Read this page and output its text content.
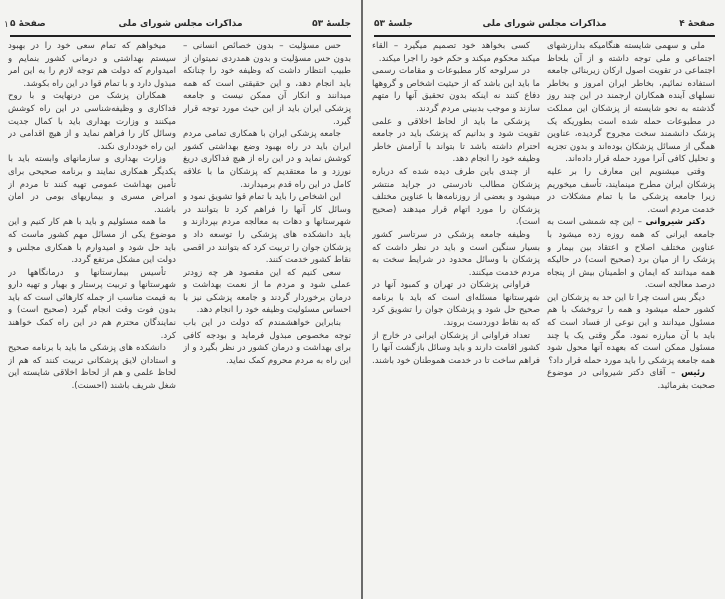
۱	جلسهٔ ۵۳
مذاکرات مجلس شورای ملی
صفحهٔ ۵

حس مسؤلیت – بدون خصائص انسانی – بدون حس مسؤلیت و بدون همدردی نمیتوان از طبیب انتظار داشت که وظیفه خود را چنانکه باید انجام دهد، و این حقیقتی است که همه میدانند و انکار آن ممکن نیست و جامعه پزشکی ایران باید از این حیث مورد توجه قرار گیرد.

جامعه پزشکی ایران با همکاری تمامی مردم ایران باید در راه بهبود وضع بهداشتی کشور کوشش نماید و در این راه از هیچ فداکاری دریغ نورزد و ما معتقدیم که پزشکان ما با علاقه کامل در این راه قدم برمیدارند.

این اشخاص را باید با تمام قوا تشویق نمود و وسائل کار آنها را فراهم کرد تا بتوانند در شهرستانها و دهات به معالجه مردم بپردازند و باید دانشکده های پزشکی را توسعه داد و پزشکان جوان را تربیت کرد که بتوانند در اقصی نقاط کشور خدمت کنند.

سعی کنیم که این مقصود هر چه زودتر عملی شود و مردم ما از نعمت بهداشت و درمان برخوردار گردند و جامعه پزشکی نیز با احساس مسئولیت وظیفه خود را انجام دهد.

بنابراین خواهشمندم که دولت در این باب توجه مخصوص مبذول فرماید و بودجه کافی برای بهداشت و درمان کشور در نظر بگیرد و از این راه به مردم محروم کمک نماید.

میخواهم که تمام سعی خود را در بهبود سیستم بهداشتی و درمانی کشور بنمایم و امیدوارم که دولت هم توجه لازم را به این امر مبذول دارد و با تمام قوا در این راه بکوشد.

همکاران پزشک من درنهایت و با روح فداکاری و وظیفه‌شناسی در این راه کوشش میکنند و وزارت بهداری باید با کمال جدیت وسائل کار را فراهم نماید و از هیچ اقدامی در این راه خودداری نکند.

وزارت بهداری و سازمانهای وابسته باید با یکدیگر همکاری نمایند و برنامه صحیحی برای تأمین بهداشت عمومی تهیه کنند تا مردم از امراض مسری و بیماریهای بومی در امان باشند.

ما همه مسئولیم و باید با هم کار کنیم و این موضوع یکی از مسائل مهم کشور ماست که باید حل شود و امیدوارم با همکاری مجلس و دولت این مشکل مرتفع گردد.

تأسیس بیمارستانها و درمانگاهها در شهرستانها و تربیت پرستار و بهیار و تهیه دارو به قیمت مناسب از جمله کارهائی است که باید بدون فوت وقت انجام گیرد (صحیح است) و نمایندگان محترم هم در این راه کمک خواهند کرد.

دانشکده های پزشکی ما باید با برنامه صحیح و استادان لایق پزشکانی تربیت کنند که هم از لحاظ علمی و هم از لحاظ اخلاقی شایسته این شغل شریف باشند (احسنت).

صفحهٔ ۴
مذاکرات مجلس شورای ملی
جلسهٔ ۵۳

ملی و سهمی شایسته هنگامیکه بدارزشهای اجتماعی و ملی توجه داشته و از آن بلحاظ اجتماعی در تقویت اصول ارکان زیربنائی جامعه استفاده نمائیم، بخاطر ایران امروز و بخاطر نسلهای آینده همکاران ارجمند در این چند روز گذشته به نحو شایسته از پزشکان این مملکت در مطبوعات حمله شده است بطوریکه یک پزشک دانشمند سخت مجروح گردیده، عناوین همگی از مسائل پزشکان بوده‌اند و بدون تجزیه و تحلیل کافی آنرا مورد حمله قرار داده‌اند.

وقتی میشنویم این معارف را بر علیه پزشکان ایران مطرح مینمایند، تأسف میخوریم زیرا جامعه پزشکی ما با تمام مشکلات در خدمت مردم است.

دکتر شیروانی – این چه شمشی است به جامعه ایرانی که همه روزه زده میشود با عناوین مختلف اصلاح و اعتقاد بین بیمار و پزشک را از میان برد (صحیح است) در حالیکه همه میدانند که ایمان و اطمینان بیش از پنجاه درصد معالجه است.

دیگر بس است چرا تا این حد به پزشکان این کشور حمله میشود و همه را تروخشک با هم مسئول میدانند و این نوعی از فساد است که باید با آن مبارزه نمود. مگر وقتی یک یا چند مسئول ممکن است که بعهده آنها محول شود همه جامعه پزشکی را باید مورد حمله قرار داد؟

رئیس – آقای دکتر شیروانی در موضوع صحبت بفرمائید.

کسی بخواهد خود تصمیم میگیرد – القاء میکند محکوم میکند و حکم خود را اجرا میکند.

در سرلوحه کار مطبوعات و مقامات رسمی ما باید این باشد که از حیثیت اشخاص و گروهها دفاع کنند نه اینکه بدون تحقیق آنها را متهم سازند و موجب بدبینی مردم گردند.

پزشکی ما باید از لحاظ اخلاقی و علمی تقویت شود و بدانیم که پزشک باید در جامعه احترام داشته باشد تا بتواند با آرامش خاطر وظیفه خود را انجام دهد.

از چندی باین طرف دیده شده که درباره پزشکان مطالب نادرستی در جراید منتشر میشود و بعضی از روزنامه‌ها با عناوین مختلف پزشکان را مورد اتهام قرار میدهند (صحیح است).

وظیفه جامعه پزشکی در سرتاسر کشور بسیار سنگین است و باید در نظر داشت که پزشکان با وسائل محدود در شرایط سخت به مردم خدمت میکنند.

فراوانی پزشکان در تهران و کمبود آنها در شهرستانها مسئله‌ای است که باید با برنامه صحیح حل شود و پزشکان جوان را تشویق کرد که به نقاط دوردست بروند.

تعداد فراوانی از پزشکان ایرانی در خارج از کشور اقامت دارند و باید وسائل بازگشت آنها را فراهم ساخت تا در خدمت هموطنان خود باشند.
